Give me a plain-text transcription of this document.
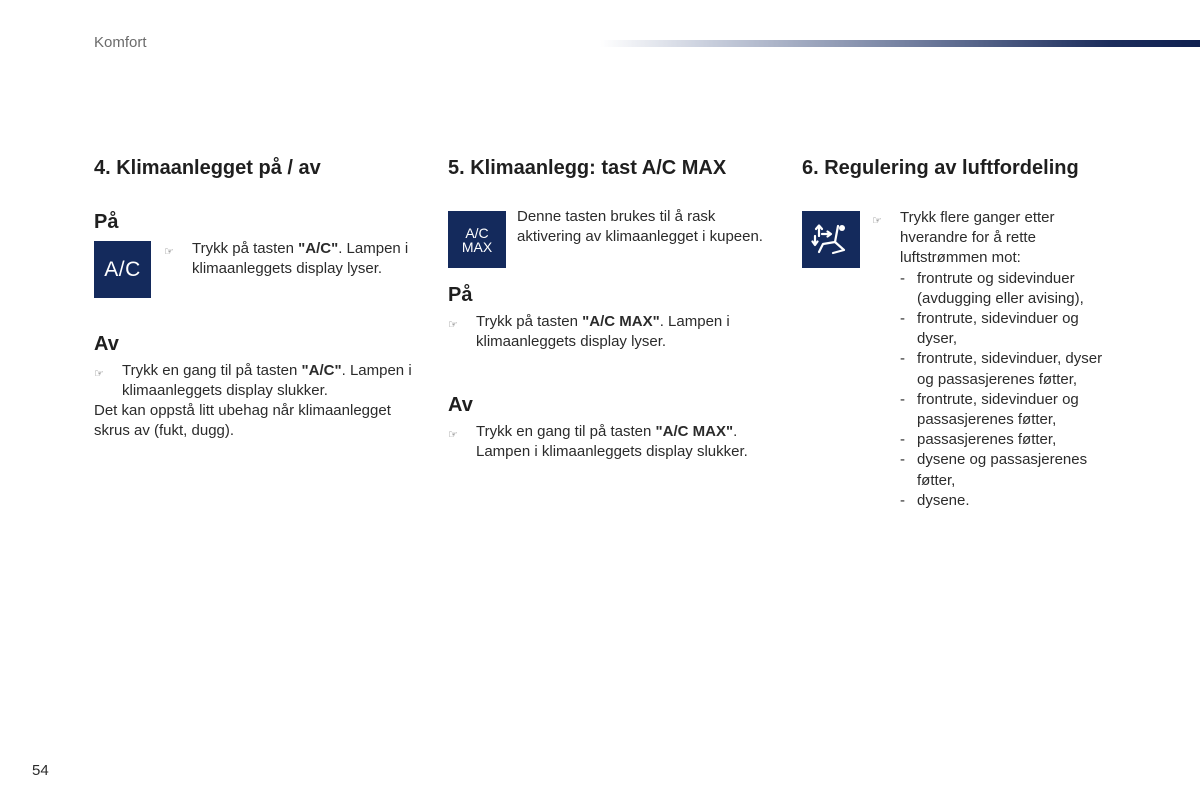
Komfort
4. Klimaanlegget på / av
På
A/C
☞	Trykk på tasten "A/C". Lampen i klimaanleggets display lyser.
Av
☞	Trykk en gang til på tasten "A/C". Lampen i klimaanleggets display slukker.
Det kan oppstå litt ubehag når klimaanlegget skrus av (fukt, dugg).
5. Klimaanlegg: tast A/C MAX
A/C
MAX
Denne tasten brukes til å rask aktivering av klimaanlegget i kupeen.
På
☞	Trykk på tasten "A/C MAX". Lampen i klimaanleggets display lyser.
Av
☞	Trykk en gang til på tasten "A/C MAX". Lampen i klimaanleggets display slukker.
6. Regulering av luftfordeling
☞	Trykk flere ganger etter hverandre for å rette luftstrømmen mot:
- frontrute og sidevinduer (avdugging eller avising),
- frontrute, sidevinduer og dyser,
- frontrute, sidevinduer, dyser og passasjerenes føtter,
- frontrute, sidevinduer og passasjerenes føtter,
- passasjerenes føtter,
- dysene og passasjerenes føtter,
- dysene.
54
